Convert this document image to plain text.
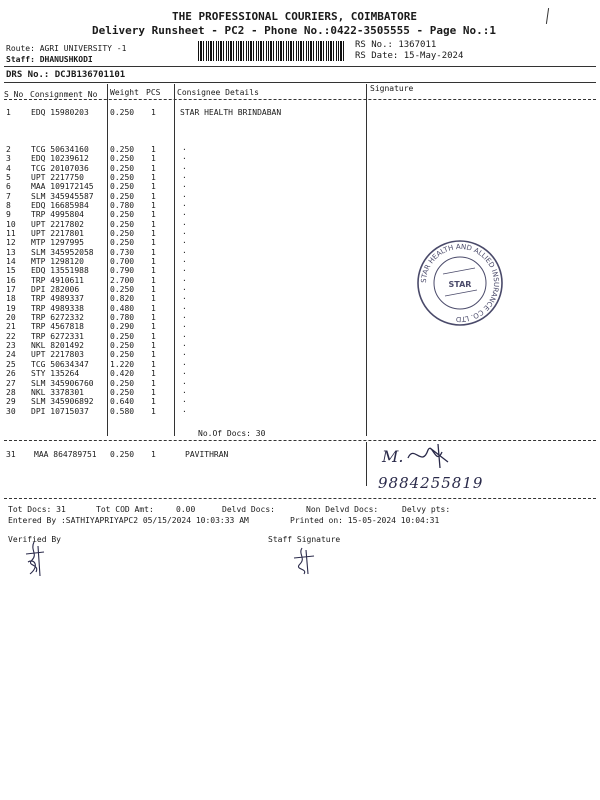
THE PROFESSIONAL COURIERS, COIMBATORE
Delivery Runsheet - PC2 - Phone No.:0422-3505555 - Page No.:1
Route: AGRI UNIVERSITY -1
Staff: DHANUSHKODI
RS No.: 1367011
RS Date: 15-May-2024
DRS No.: DCJB136701101
S No Consignment No Weight PCS Consignee Details	Signature
1	EDQ 15980203	0.250 1	STAR HEALTH BRINDABAN
2	TCG 50634160	0.250 1	·
3	EDQ 10239612	0.250 1	·
4	TCG 20107036	0.250 1	·
5	UPT 2217750	0.250 1	·
6	MAA 109172145 0.250 1	·
7	SLM 345945587 0.250 1	·
8	EDQ 16685984	0.780 1	·
9	TRP 4995804	0.250 1	·
10 UPT 2217802	0.250 1	·
11 UPT 2217801	0.250 1	·
12 MTP 1297995	0.250 1	·
13 SLM 345952058 0.730 1	·
14 MTP 1298120	0.700 1	·
15 EDQ 13551988	0.790 1	·
16 TRP 4910611	2.700 1	·
17 DPI 282006	0.250 1	·
18 TRP 4989337	0.820 1	·
19 TRP 4989338	0.480 1	·
20 TRP 6272332	0.780 1	·
21 TRP 4567818	0.290 1	·
22 TRP 6272331	0.250 1	·
23 NKL 8201492	0.250 1	·
24 UPT 2217803	0.250 1	·
25 TCG 50634347	1.220 1	·
26 STY 135264	0.420 1	·
27 SLM 345906760 0.250 1	·
28 NKL 3378301	0.250 1	·
29 SLM 345906892 0.640 1	·
30 DPI 10715037	0.580 1	·
No.Of Docs: 30
31 MAA 864789751 0.250 1	PAVITHRAN	M.
9884255819
STAR HEALTH AND ALLIED INSURANCE CO. LTD
STAR
Tot Docs: 31	Tot COD Amt:	0.00	Delvd Docs:	Non Delvd Docs:	Delvy pts:
Entered By :SATHIYAPRIYAPC2 05/15/2024 10:03:33 AM	Printed on: 15-05-2024 10:04:31
Verified By	Staff Signature
